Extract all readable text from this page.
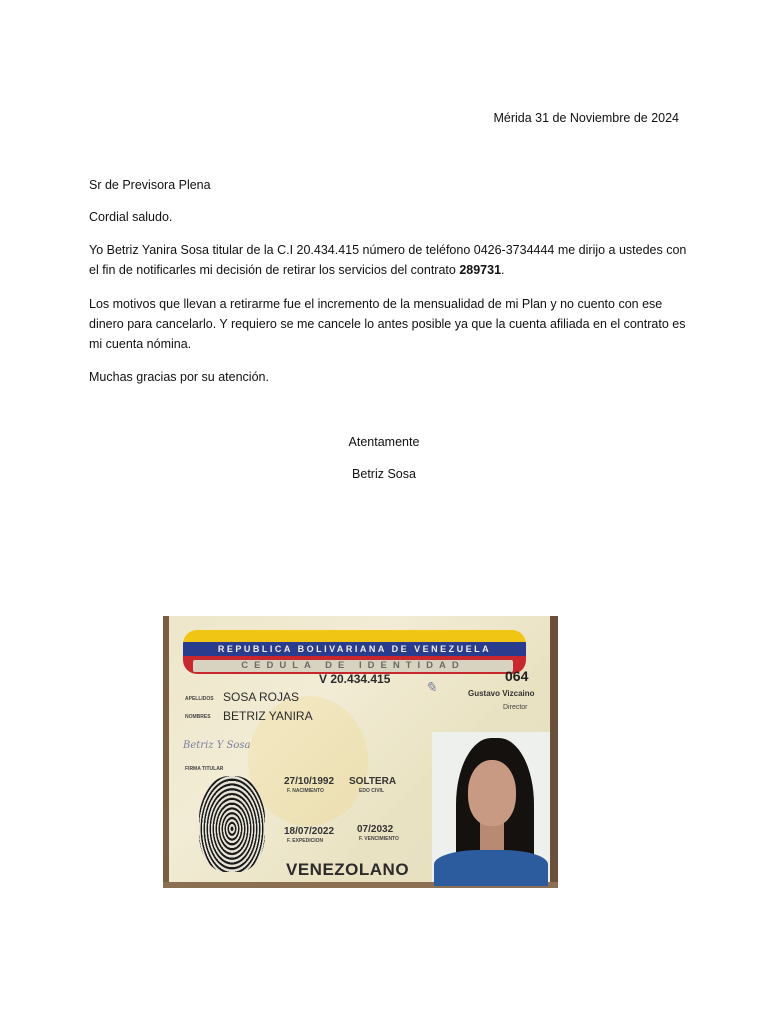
Mérida 31 de Noviembre de 2024
Sr de Previsora Plena
Cordial saludo.
Yo Betriz Yanira Sosa titular de la C.I 20.434.415 número de teléfono 0426-3734444 me dirijo a ustedes con el fin de notificarles mi decisión de retirar los servicios del contrato 289731.
Los motivos que llevan a retirarme fue el incremento de la mensualidad de mi Plan y no cuento con ese dinero para cancelarlo. Y requiero se me cancele lo antes posible ya que la cuenta afiliada en el contrato es mi cuenta nómina.
Muchas gracias por su atención.
Atentamente
Betriz Sosa
REPUBLICA BOLIVARIANA DE VENEZUELA
CEDULA DE IDENTIDAD
V 20.434.415	064
✎	Gustavo Vizcaino
Director
APELLIDOS SOSA ROJAS
NOMBRES BETRIZ YANIRA
Betriz Y Sosa
FIRMA TITULAR
27/10/1992
F. NACIMIENTO
SOLTERA
EDO CIVIL
18/07/2022
F. EXPEDICION
07/2032
F. VENCIMIENTO
VENEZOLANO
